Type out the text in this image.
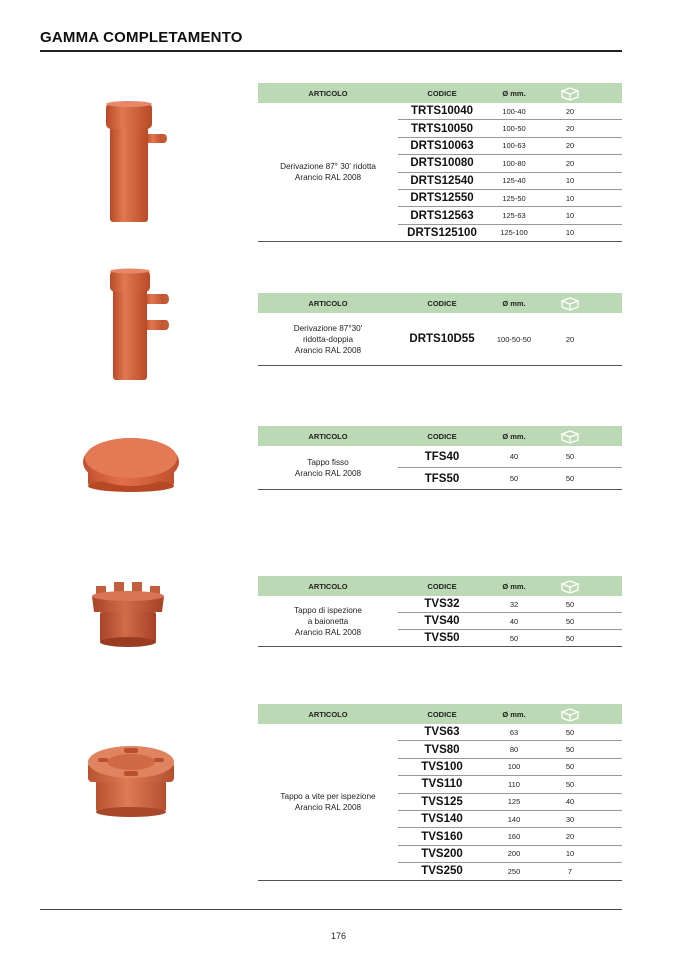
GAMMA COMPLETAMENTO
ARTICOLO	CODICE	Ø mm.
Derivazione 87° 30' ridotta
Arancio RAL 2008
TRTS10040	100-40	20
TRTS10050	100-50	20
DRTS10063	100-63	20
DRTS10080	100-80	20
DRTS12540	125-40	10
DRTS12550	125-50	10
DRTS12563	125-63	10
DRTS125100	125-100	10
ARTICOLO	CODICE	Ø mm.
Derivazione 87°30'
ridotta-doppia
Arancio RAL 2008
DRTS10D55	100-50-50	20
ARTICOLO	CODICE	Ø mm.
Tappo fisso
Arancio RAL 2008
TFS40	40	50
TFS50	50	50
ARTICOLO	CODICE	Ø mm.
Tappo di ispezione
a baionetta
Arancio RAL 2008
TVS32	32	50
TVS40	40	50
TVS50	50	50
ARTICOLO	CODICE	Ø mm.
Tappo a vite per ispezione
Arancio RAL 2008
TVS63	63	50
TVS80	80	50
TVS100	100	50
TVS110	110	50
TVS125	125	40
TVS140	140	30
TVS160	160	20
TVS200	200	10
TVS250	250	7
176
